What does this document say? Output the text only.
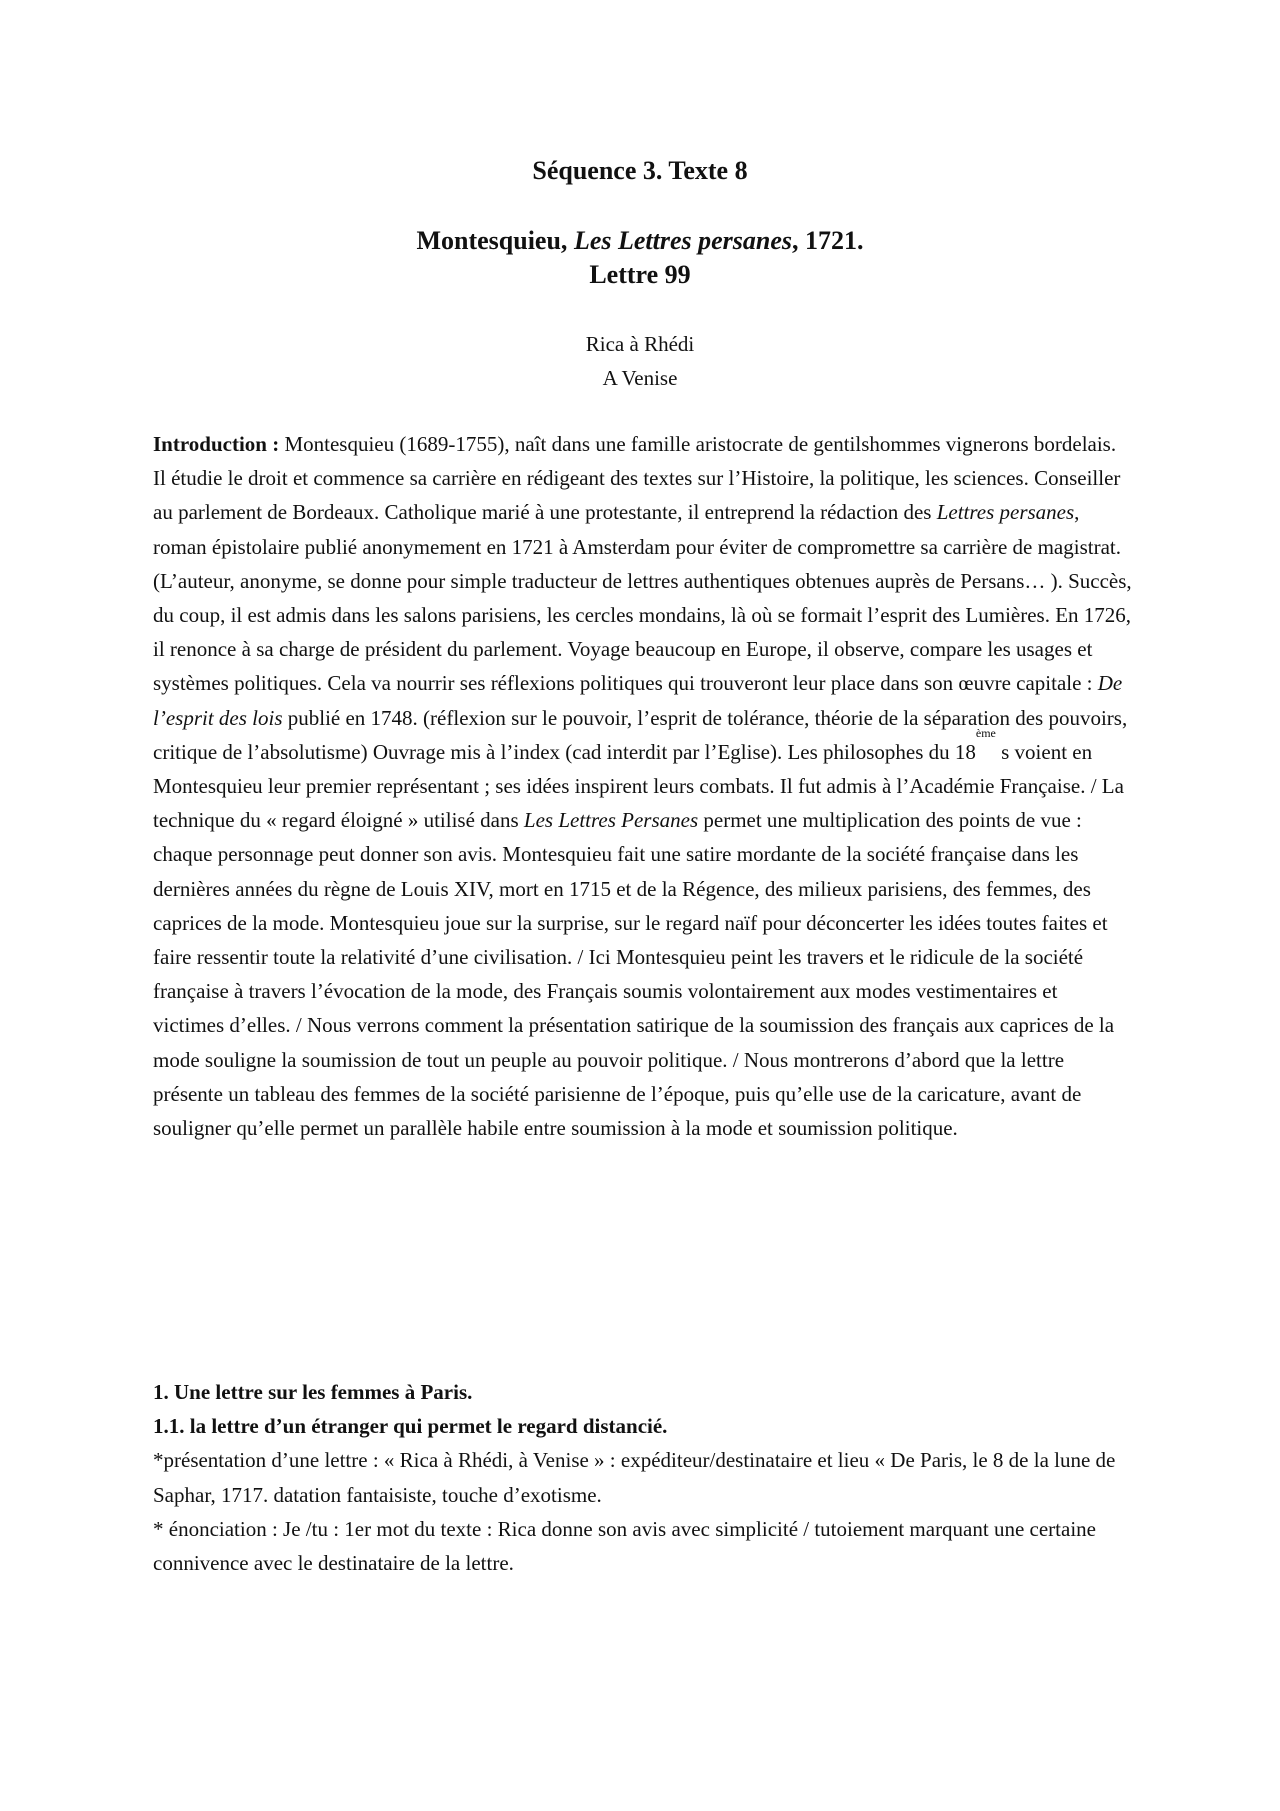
Séquence 3. Texte 8
Montesquieu, Les Lettres persanes, 1721.
Lettre 99
Rica à Rhédi
A Venise
Introduction : Montesquieu (1689-1755), naît dans une famille aristocrate de gentilshommes vignerons bordelais. Il étudie le droit et commence sa carrière en rédigeant des textes sur l’Histoire, la politique, les sciences. Conseiller au parlement de Bordeaux. Catholique marié à une protestante, il entreprend la rédaction des Lettres persanes, roman épistolaire publié anonymement en 1721 à Amsterdam pour éviter de compromettre sa carrière de magistrat. (L’auteur, anonyme, se donne pour simple traducteur de lettres authentiques obtenues auprès de Persans… ). Succès, du coup, il est admis dans les salons parisiens, les cercles mondains, là où se formait l’esprit des Lumières. En 1726, il renonce à sa charge de président du parlement. Voyage beaucoup en Europe, il observe, compare les usages et systèmes politiques. Cela va nourrir ses réflexions politiques qui trouveront leur place dans son œuvre capitale : De l’esprit des lois publié en 1748. (réflexion sur le pouvoir, l’esprit de tolérance, théorie de la séparation des pouvoirs, critique de l’absolutisme) Ouvrage mis à l’index (cad interdit par l’Eglise). Les philosophes du 18ème s voient en Montesquieu leur premier représentant ; ses idées inspirent leurs combats. Il fut admis à l’Académie Française. / La technique du « regard éloigné » utilisé dans Les Lettres Persanes permet une multiplication des points de vue : chaque personnage peut donner son avis. Montesquieu fait une satire mordante de la société française dans les dernières années du règne de Louis XIV, mort en 1715 et de la Régence, des milieux parisiens, des femmes, des caprices de la mode. Montesquieu joue sur la surprise, sur le regard naïf pour déconcerter les idées toutes faites et faire ressentir toute la relativité d’une civilisation. / Ici Montesquieu peint les travers et le ridicule de la société française à travers l’évocation de la mode, des Français soumis volontairement aux modes vestimentaires et victimes d’elles. / Nous verrons comment la présentation satirique de la soumission des français aux caprices de la mode souligne la soumission de tout un peuple au pouvoir politique. / Nous montrerons d’abord que la lettre présente un tableau des femmes de la société parisienne de l’époque, puis qu’elle use de la caricature, avant de souligner qu’elle permet un parallèle habile entre soumission à la mode et soumission politique.
1. Une lettre sur les femmes à Paris.
1.1. la lettre d’un étranger qui permet le regard distancié.
*présentation d’une lettre : « Rica à Rhédi, à Venise » : expéditeur/destinataire et lieu « De Paris, le 8 de la lune de Saphar, 1717. datation fantaisiste, touche d’exotisme.
* énonciation : Je /tu : 1er mot du texte : Rica donne son avis avec simplicité / tutoiement marquant une certaine connivence avec le destinataire de la lettre.
